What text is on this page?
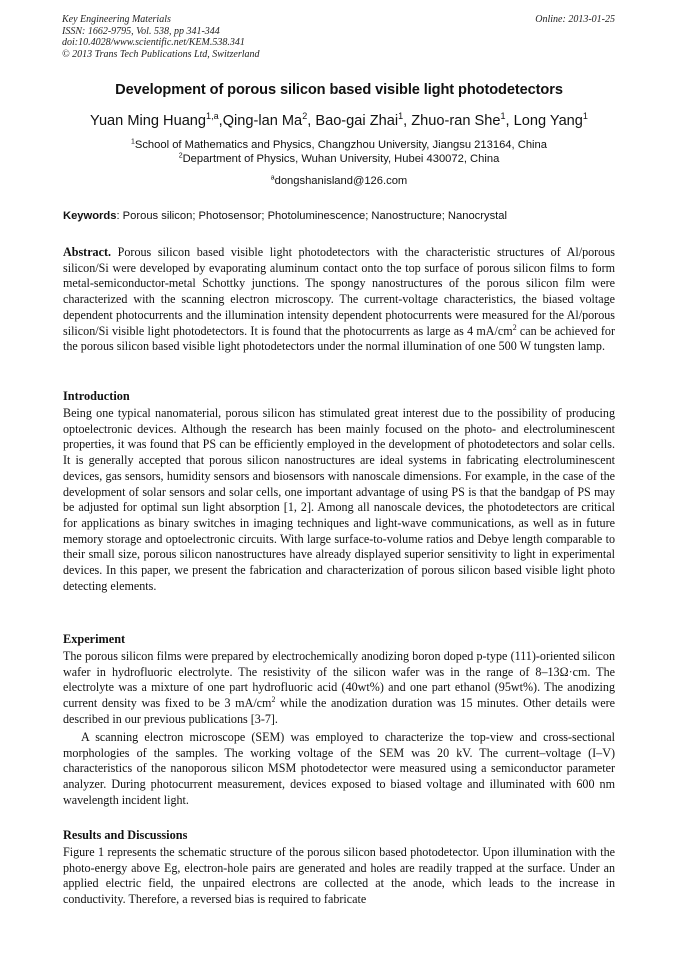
Key Engineering Materials
ISSN: 1662-9795, Vol. 538, pp 341-344
doi:10.4028/www.scientific.net/KEM.538.341
© 2013 Trans Tech Publications Ltd, Switzerland
Online: 2013-01-25
Development of porous silicon based visible light photodetectors
Yuan Ming Huang$^{1,a}$,Qing-lan Ma$^2$, Bao-gai Zhai$^1$, Zhuo-ran She$^1$, Long Yang$^1$
$^1$School of Mathematics and Physics, Changzhou University, Jiangsu 213164, China
$^2$Department of Physics, Wuhan University, Hubei 430072, China
$^a$dongshanisland@126.com
Keywords: Porous silicon; Photosensor; Photoluminescence; Nanostructure; Nanocrystal
Abstract. Porous silicon based visible light photodetectors with the characteristic structures of Al/porous silicon/Si were developed by evaporating aluminum contact onto the top surface of porous silicon films to form metal-semiconductor-metal Schottky junctions. The spongy nanostructures of the porous silicon film were characterized with the scanning electron microscopy. The current-voltage characteristics, the biased voltage dependent photocurrents and the illumination intensity dependent photocurrents were measured for the Al/porous silicon/Si visible light photodetectors. It is found that the photocurrents as large as 4 $mA/cm^2$ can be achieved for the porous silicon based visible light photodetectors under the normal illumination of one 500 W tungsten lamp.
Introduction
Being one typical nanomaterial, porous silicon has stimulated great interest due to the possibility of producing optoelectronic devices. Although the research has been mainly focused on the photo- and electroluminescent properties, it was found that PS can be efficiently employed in the development of photodetectors and solar cells. It is generally accepted that porous silicon nanostructures are ideal systems in fabricating electroluminescent devices, gas sensors, humidity sensors and biosensors with nanoscale dimensions. For example, in the case of the development of solar sensors and solar cells, one important advantage of using PS is that the bandgap of PS may be adjusted for optimal sun light absorption [1, 2]. Among all nanoscale devices, the photodetectors are critical for applications as binary switches in imaging techniques and light-wave communications, as well as in future memory storage and optoelectronic circuits. With large surface-to-volume ratios and Debye length comparable to their small size, porous silicon nanostructures have already displayed superior sensitivity to light in experimental devices. In this paper, we present the fabrication and characterization of porous silicon based visible light photo detecting elements.
Experiment
The porous silicon films were prepared by electrochemically anodizing boron doped p-type (111)-oriented silicon wafer in hydrofluoric electrolyte. The resistivity of the silicon wafer was in the range of 8–13Ω·cm. The electrolyte was a mixture of one part hydrofluoric acid (40wt%) and one part ethanol (95wt%). The anodizing current density was fixed to be 3 $mA/cm^2$ while the anodization duration was 15 minutes. Other details were described in our previous publications [3-7].
A scanning electron microscope (SEM) was employed to characterize the top-view and cross-sectional morphologies of the samples. The working voltage of the SEM was 20 kV. The current–voltage (I–V) characteristics of the nanoporous silicon MSM photodetector were measured using a semiconductor parameter analyzer. During photocurrent measurement, devices exposed to biased voltage and illuminated with 600 nm wavelength incident light.
Results and Discussions
Figure 1 represents the schematic structure of the porous silicon based photodetector. Upon illumination with the photo-energy above Eg, electron-hole pairs are generated and holes are readily trapped at the surface. Under an applied electric field, the unpaired electrons are collected at the anode, which leads to the increase in conductivity. Therefore, a reversed bias is required to fabricate
